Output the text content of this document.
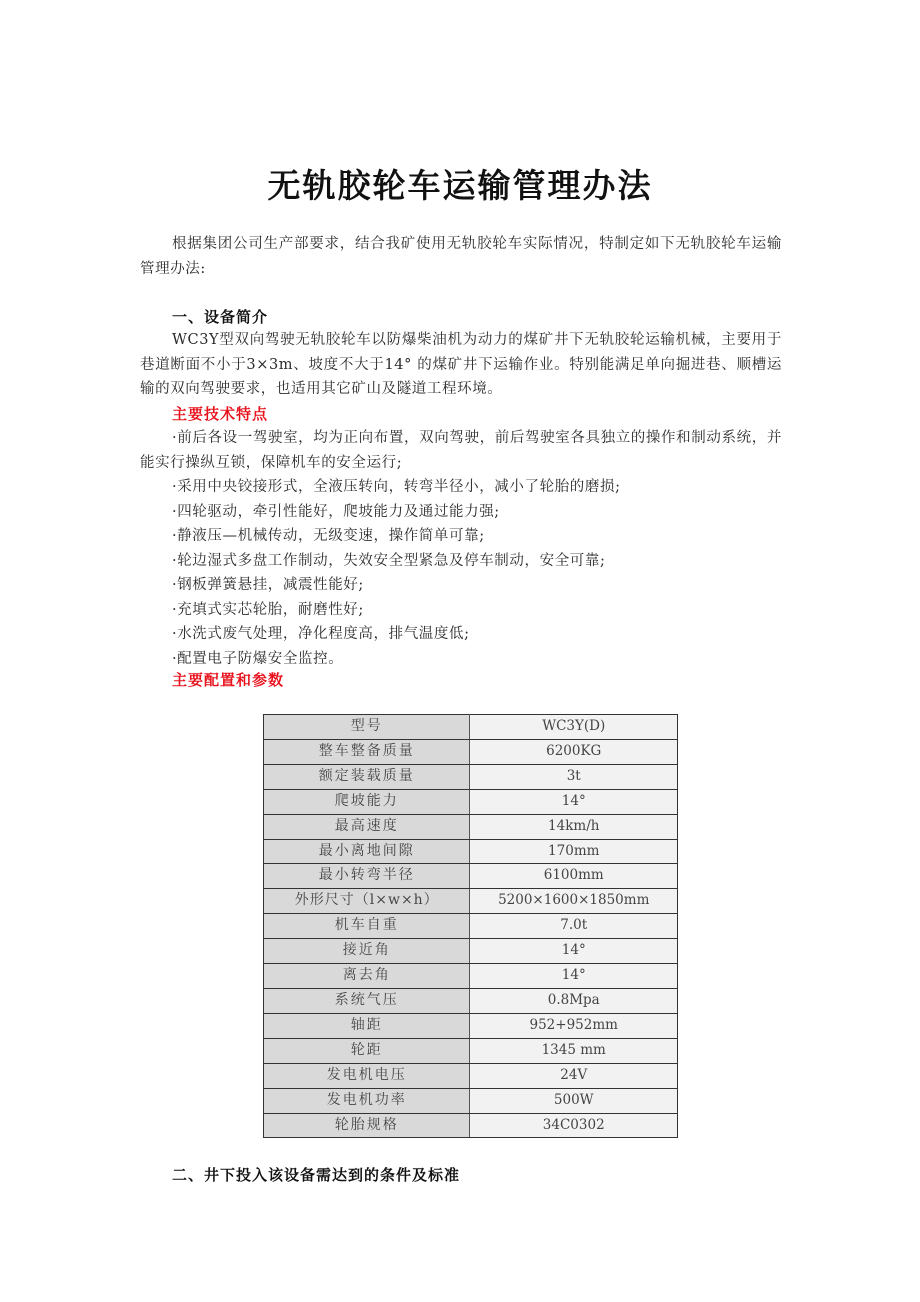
无轨胶轮车运输管理办法
根据集团公司生产部要求，结合我矿使用无轨胶轮车实际情况，特制定如下无轨胶轮车运输管理办法:
一、设备简介
WC3Y型双向驾驶无轨胶轮车以防爆柴油机为动力的煤矿井下无轨胶轮运输机械，主要用于巷道断面不小于3×3m、坡度不大于14° 的煤矿井下运输作业。特别能满足单向掘进巷、顺槽运输的双向驾驶要求，也适用其它矿山及隧道工程环境。
主要技术特点
·前后各设一驾驶室，均为正向布置，双向驾驶，前后驾驶室各具独立的操作和制动系统，并能实行操纵互锁，保障机车的安全运行;
·采用中央铰接形式，全液压转向，转弯半径小，减小了轮胎的磨损;
·四轮驱动，牵引性能好，爬坡能力及通过能力强;
·静液压—机械传动，无级变速，操作简单可靠;
·轮边湿式多盘工作制动，失效安全型紧急及停车制动，安全可靠;
·钢板弹簧悬挂，减震性能好;
·充填式实芯轮胎，耐磨性好;
·水洗式废气处理，净化程度高，排气温度低;
·配置电子防爆安全监控。
主要配置和参数
型号	WC3Y(D)
整车整备质量	6200KG
额定装载质量	3t
爬坡能力	14°
最高速度	14km/h
最小离地间隙	170mm
最小转弯半径	6100mm
外形尺寸（l×w×h）	5200×1600×1850mm
机车自重	7.0t
接近角	14°
离去角	14°
系统气压	0.8Mpa
轴距	952+952mm
轮距	1345 mm
发电机电压	24V
发电机功率	500W
轮胎规格	34C0302
二、井下投入该设备需达到的条件及标准
